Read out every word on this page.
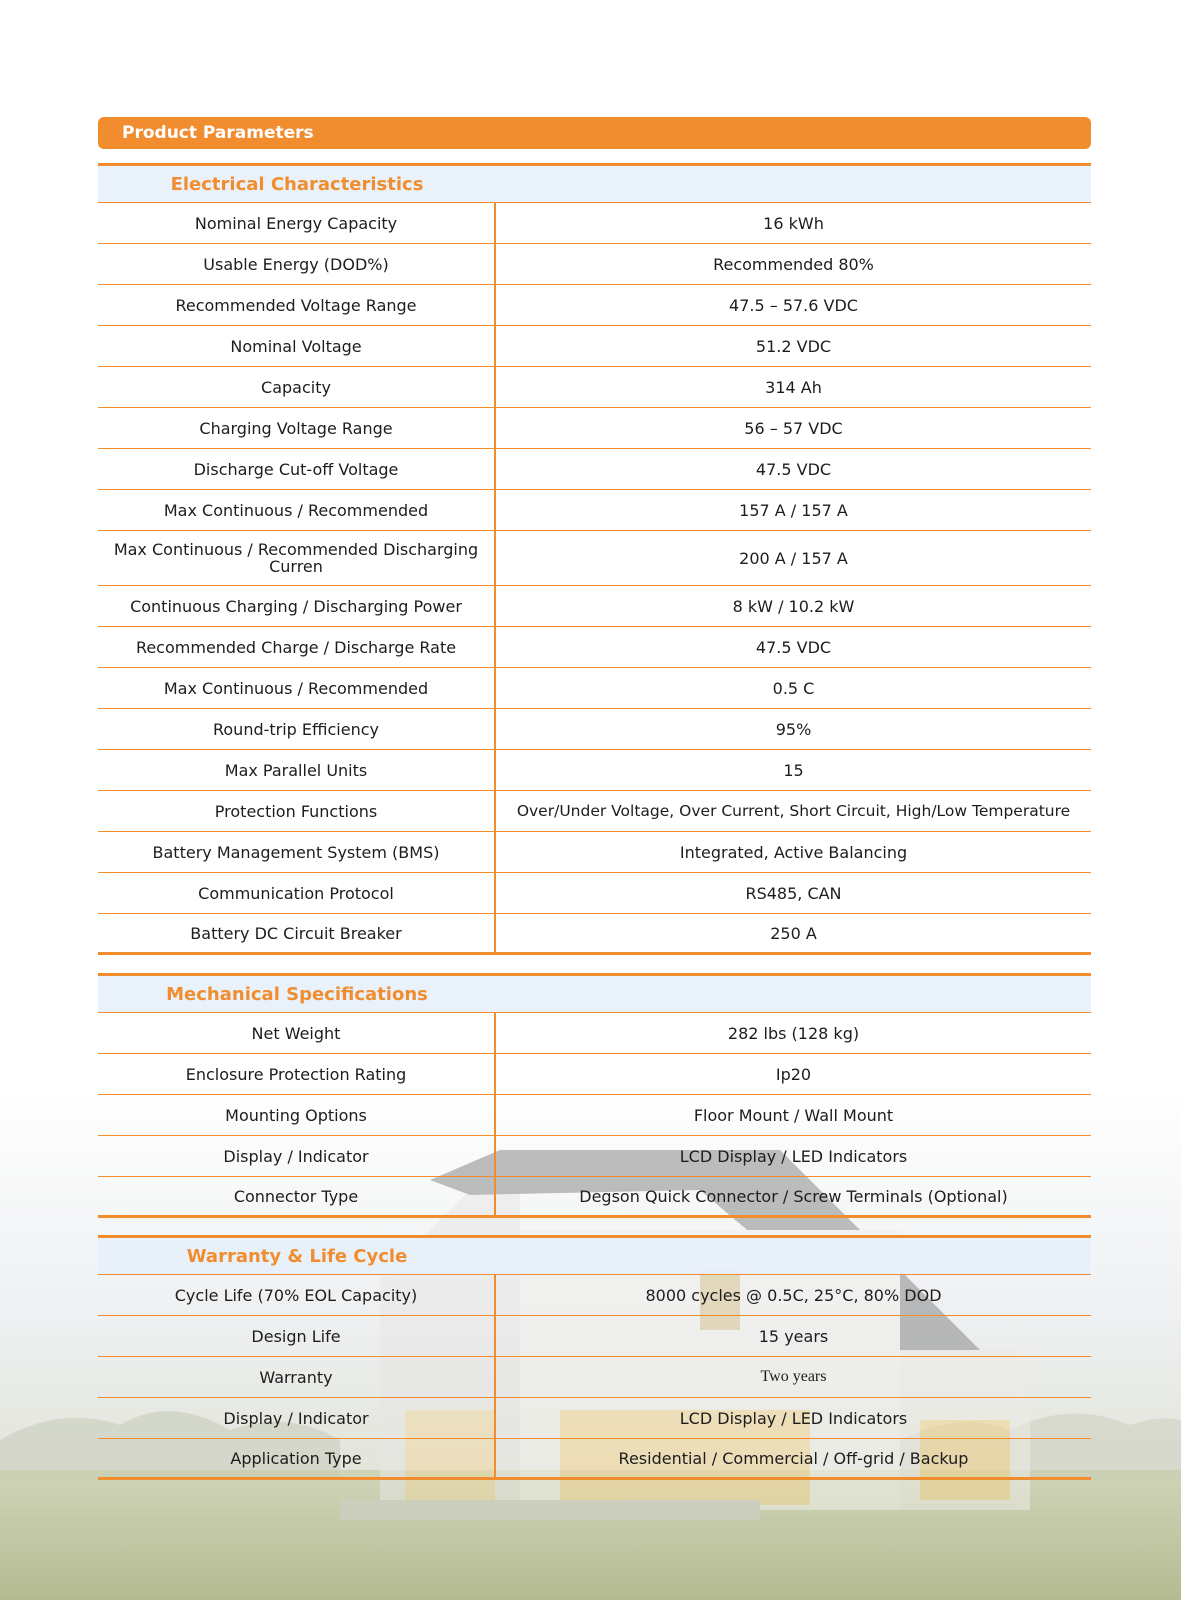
Product Parameters
Electrical Characteristics
Nominal Energy Capacity	16 kWh
Usable Energy (DOD%)	Recommended 80%
Recommended Voltage Range	47.5 – 57.6 VDC
Nominal Voltage	51.2 VDC
Capacity	314 Ah
Charging Voltage Range	56 – 57 VDC
Discharge Cut-off Voltage	47.5 VDC
Max Continuous / Recommended	157 A / 157 A
Max Continuous / Recommended Discharging Curren	200 A / 157 A
Continuous Charging / Discharging Power	8 kW / 10.2 kW
Recommended Charge / Discharge Rate	47.5 VDC
Max Continuous / Recommended	0.5 C
Round-trip Efficiency	95%
Max Parallel Units	15
Protection Functions	Over/Under Voltage, Over Current, Short Circuit, High/Low Temperature
Battery Management System (BMS)	Integrated, Active Balancing
Communication Protocol	RS485, CAN
Battery DC Circuit Breaker	250 A
Mechanical Specifications
Net Weight	282 lbs (128 kg)
Enclosure Protection Rating	Ip20
Mounting Options	Floor Mount / Wall Mount
Display / Indicator	LCD Display / LED Indicators
Connector Type	Degson Quick Connector / Screw Terminals (Optional)
Warranty & Life Cycle
Cycle Life (70% EOL Capacity)	8000 cycles @ 0.5C, 25°C, 80% DOD
Design Life	15 years
Warranty	Two years
Display / Indicator	LCD Display / LED Indicators
Application Type	Residential / Commercial / Off-grid / Backup
